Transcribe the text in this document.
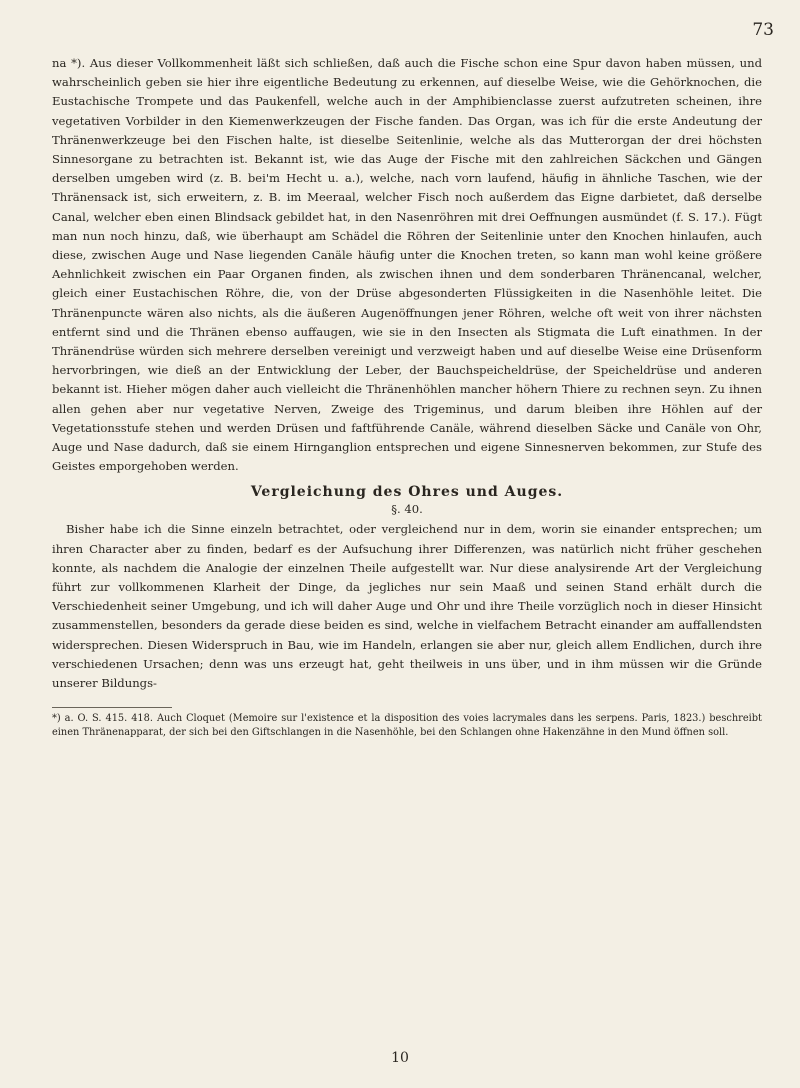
73

na *). Aus dieser Vollkommenheit läßt sich schließen, daß auch die Fische schon eine Spur davon haben müssen, und wahrscheinlich geben sie hier ihre eigentliche Bedeutung zu erkennen, auf dieselbe Weise, wie die Gehörknochen, die Eustachische Trompete und das Paukenfell, welche auch in der Amphibienclasse zuerst aufzutreten scheinen, ihre vegetativen Vorbilder in den Kiemenwerkzeugen der Fische fanden. Das Organ, was ich für die erste Andeutung der Thränenwerkzeuge bei den Fischen halte, ist dieselbe Seitenlinie, welche als das Mutterorgan der drei höchsten Sinnesorgane zu betrachten ist. Bekannt ist, wie das Auge der Fische mit den zahlreichen Säckchen und Gängen derselben umgeben wird (z. B. bei'm Hecht u. a.), welche, nach vorn laufend, häufig in ähnliche Taschen, wie der Thränensack ist, sich erweitern, z. B. im Meeraal, welcher Fisch noch außerdem das Eigne darbietet, daß derselbe Canal, welcher eben einen Blindsack gebildet hat, in den Nasenröhren mit drei Oeffnungen ausmündet (f. S. 17.). Fügt man nun noch hinzu, daß, wie überhaupt am Schädel die Röhren der Seitenlinie unter den Knochen hinlaufen, auch diese, zwischen Auge und Nase liegenden Canäle häufig unter die Knochen treten, so kann man wohl keine größere Aehnlichkeit zwischen ein Paar Organen finden, als zwischen ihnen und dem sonderbaren Thränencanal, welcher, gleich einer Eustachischen Röhre, die, von der Drüse abgesonderten Flüssigkeiten in die Nasenhöhle leitet. Die Thränenpuncte wären also nichts, als die äußeren Augenöffnungen jener Röhren, welche oft weit von ihrer nächsten entfernt sind und die Thränen ebenso auffaugen, wie sie in den Insecten als Stigmata die Luft einathmen. In der Thränendrüse würden sich mehrere derselben vereinigt und verzweigt haben und auf dieselbe Weise eine Drüsenform hervorbringen, wie dieß an der Entwicklung der Leber, der Bauchspeicheldrüse, der Speicheldrüse und anderen bekannt ist. Hieher mögen daher auch vielleicht die Thränenhöhlen mancher höhern Thiere zu rechnen seyn. Zu ihnen allen gehen aber nur vegetative Nerven, Zweige des Trigeminus, und darum bleiben ihre Höhlen auf der Vegetationsstufe stehen und werden Drüsen und faftführende Canäle, während dieselben Säcke und Canäle von Ohr, Auge und Nase dadurch, daß sie einem Hirnganglion entsprechen und eigene Sinnesnerven bekommen, zur Stufe des Geistes emporgehoben werden.

Vergleichung des Ohres und Auges.
§. 40.

Bisher habe ich die Sinne einzeln betrachtet, oder vergleichend nur in dem, worin sie einander entsprechen; um ihren Character aber zu finden, bedarf es der Aufsuchung ihrer Differenzen, was natürlich nicht früher geschehen konnte, als nachdem die Analogie der einzelnen Theile aufgestellt war. Nur diese analysirende Art der Vergleichung führt zur vollkommenen Klarheit der Dinge, da jegliches nur sein Maaß und seinen Stand erhält durch die Verschiedenheit seiner Umgebung, und ich will daher Auge und Ohr und ihre Theile vorzüglich noch in dieser Hinsicht zusammenstellen, besonders da gerade diese beiden es sind, welche in vielfachem Betracht einander am auffallendsten widersprechen. Diesen Widerspruch in Bau, wie im Handeln, erlangen sie aber nur, gleich allem Endlichen, durch ihre verschiedenen Ursachen; denn was uns erzeugt hat, geht theilweis in uns über, und in ihm müssen wir die Gründe unserer Bildungs-

*) a. O. S. 415. 418. Auch Cloquet (Memoire sur l'existence et la disposition des voies lacrymales dans les serpens. Paris, 1823.) beschreibt einen Thränenapparat, der sich bei den Giftschlangen in die Nasenhöhle, bei den Schlangen ohne Hakenzähne in den Mund öffnen soll.

10
